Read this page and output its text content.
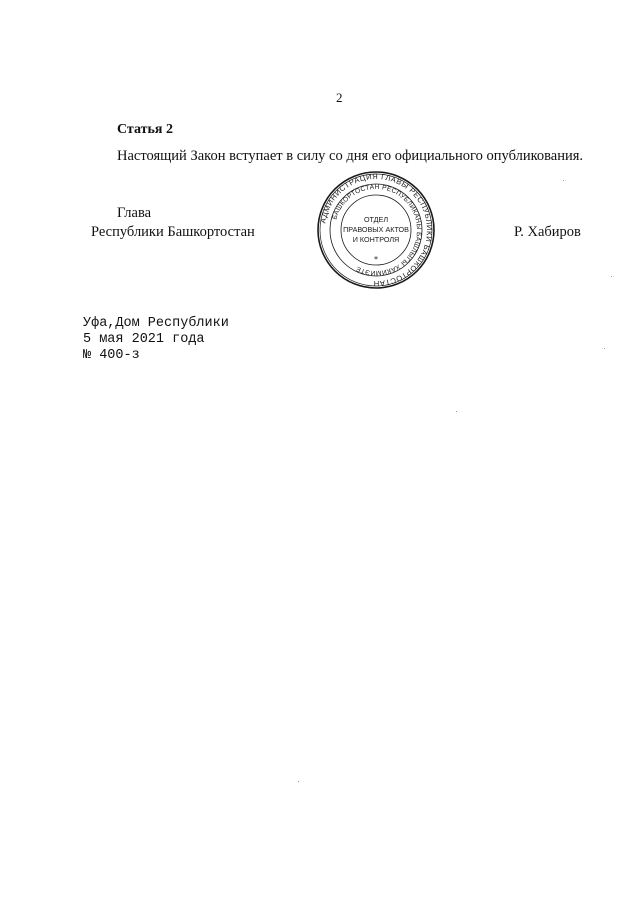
2
Статья 2
Настоящий Закон вступает в силу со дня его официального опубликования.
Глава
Республики Башкортостан	Р. Хабиров
АДМИНИСТРАЦИЯ ГЛАВЫ РЕСПУБЛИКИ БАШКОРТОСТАН
БАШКОРТОСТАН РЕСПУБЛИКАНЫ БАШЛЫГЫ ХАКИМИЭТЕ
ОТДЕЛ
ПРАВОВЫХ АКТОВ
И КОНТРОЛЯ
*
Уфа,Дом Республики
5 мая 2021 года
№ 400-з
